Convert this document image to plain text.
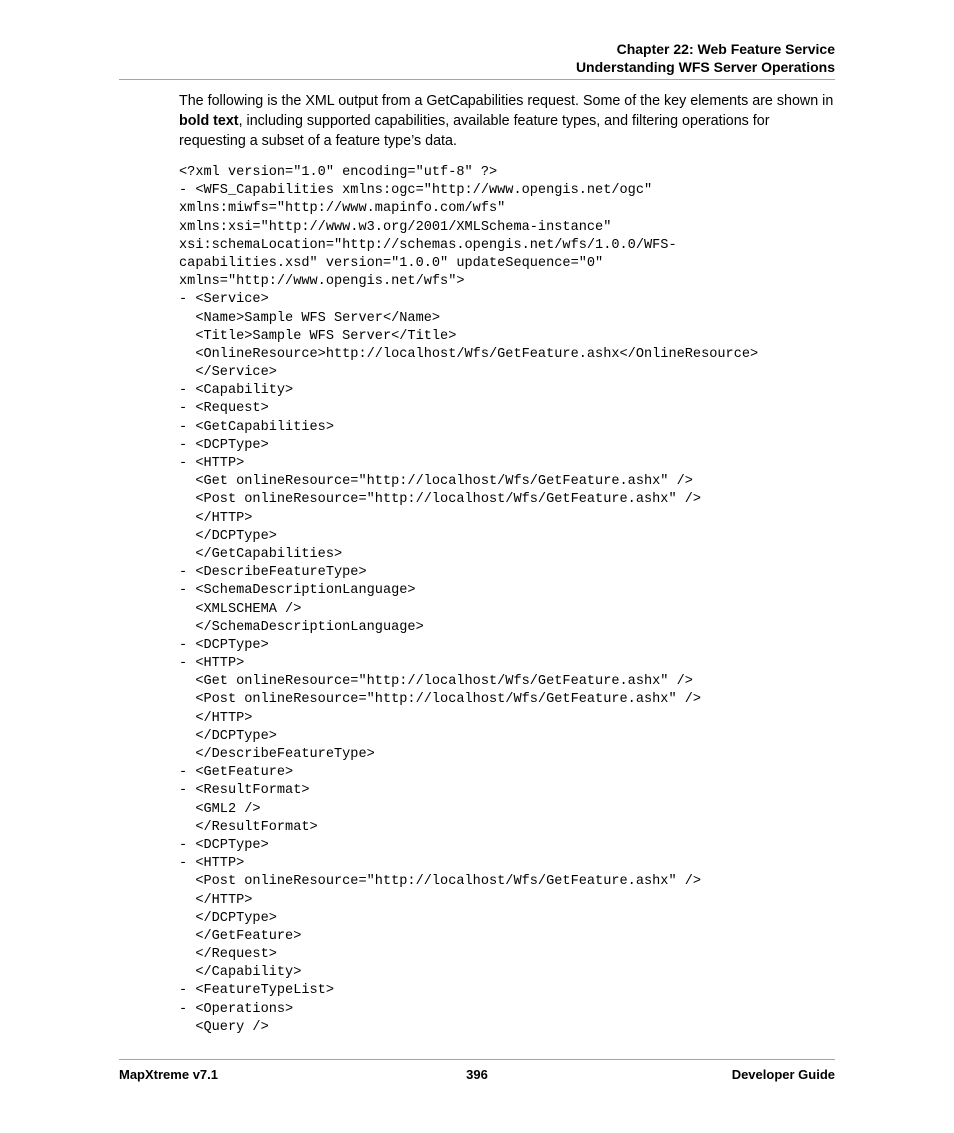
Chapter 22: Web Feature Service
Understanding WFS Server Operations

The following is the XML output from a GetCapabilities request. Some of the key elements are shown in bold text, including supported capabilities, available feature types, and filtering operations for requesting a subset of a feature type’s data.

<?xml version="1.0" encoding="utf-8" ?>
- <WFS_Capabilities xmlns:ogc="http://www.opengis.net/ogc"
xmlns:miwfs="http://www.mapinfo.com/wfs"
xmlns:xsi="http://www.w3.org/2001/XMLSchema-instance"
xsi:schemaLocation="http://schemas.opengis.net/wfs/1.0.0/WFS-
capabilities.xsd" version="1.0.0" updateSequence="0"
xmlns="http://www.opengis.net/wfs">
- <Service>
<Name>Sample WFS Server</Name>
<Title>Sample WFS Server</Title>
<OnlineResource>http://localhost/Wfs/GetFeature.ashx</OnlineResource>
</Service>
- <Capability>
- <Request>
- <GetCapabilities>
- <DCPType>
- <HTTP>
<Get onlineResource="http://localhost/Wfs/GetFeature.ashx" />
<Post onlineResource="http://localhost/Wfs/GetFeature.ashx" />
</HTTP>
</DCPType>
</GetCapabilities>
- <DescribeFeatureType>
- <SchemaDescriptionLanguage>
<XMLSCHEMA />
</SchemaDescriptionLanguage>
- <DCPType>
- <HTTP>
<Get onlineResource="http://localhost/Wfs/GetFeature.ashx" />
<Post onlineResource="http://localhost/Wfs/GetFeature.ashx" />
</HTTP>
</DCPType>
</DescribeFeatureType>
- <GetFeature>
- <ResultFormat>
<GML2 />
</ResultFormat>
- <DCPType>
- <HTTP>
<Post onlineResource="http://localhost/Wfs/GetFeature.ashx" />
</HTTP>
</DCPType>
</GetFeature>
</Request>
</Capability>
- <FeatureTypeList>
- <Operations>
<Query />
MapXtreme v7.1	396	Developer Guide
